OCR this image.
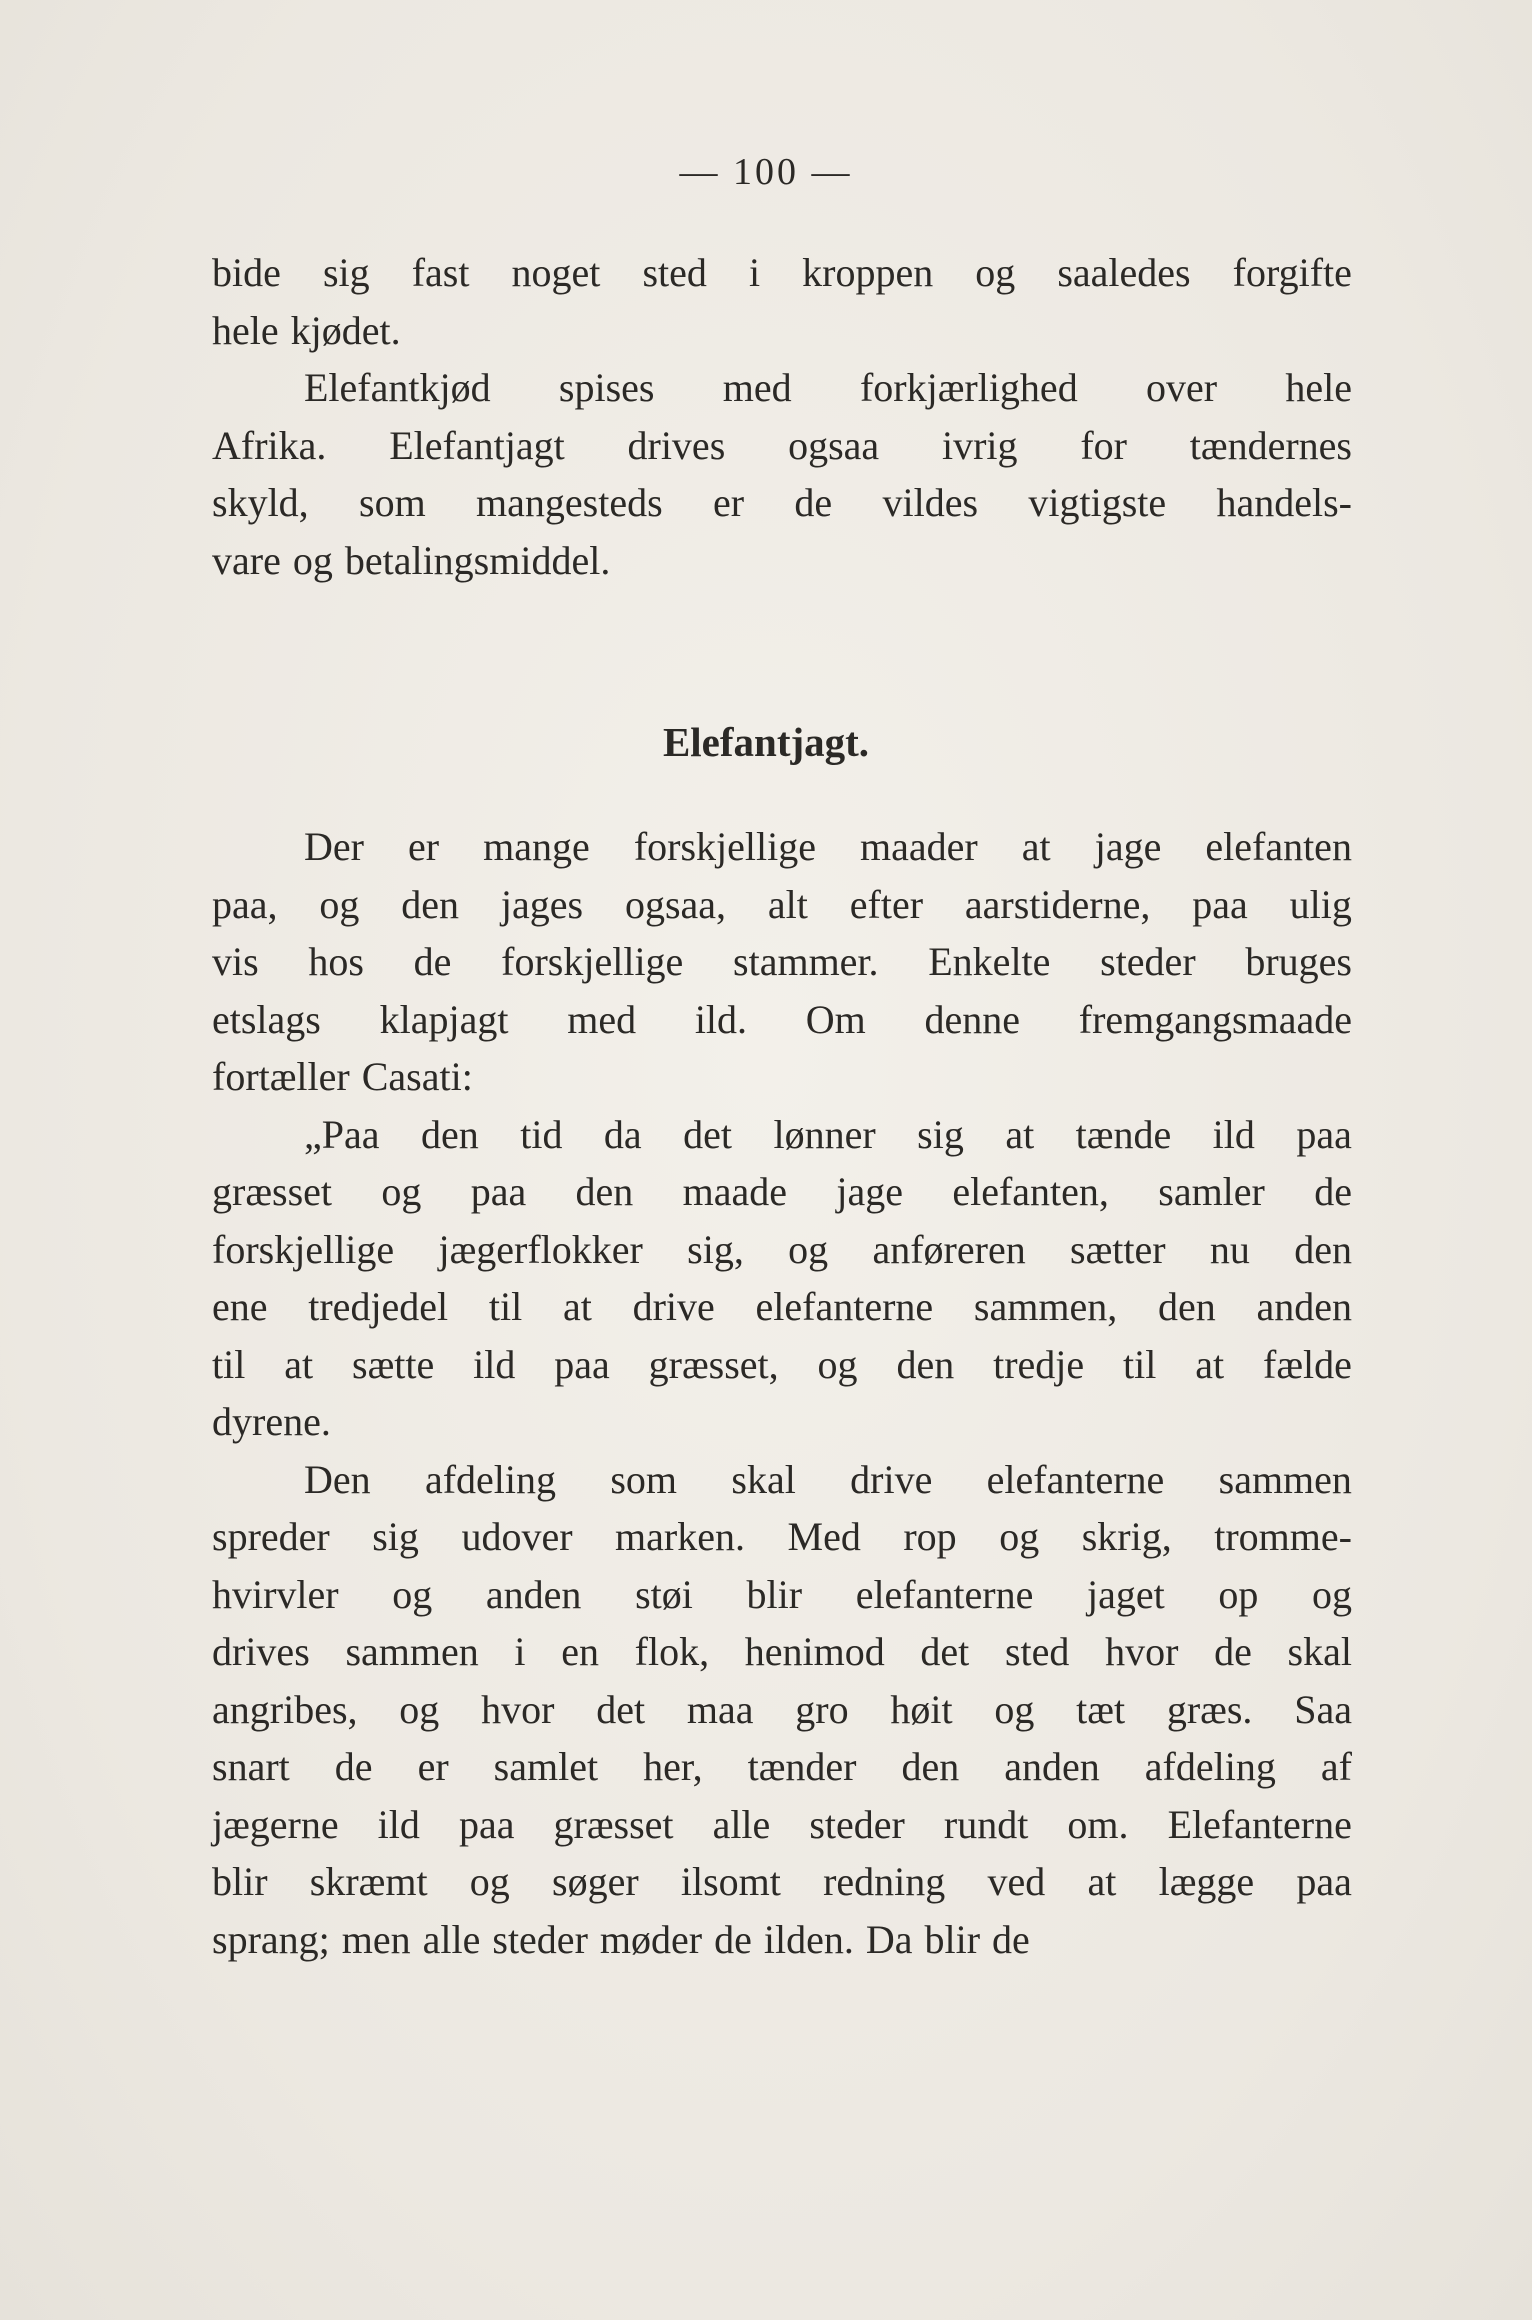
— 100 —
bide sig fast noget sted i kroppen og saaledes forgifte
hele kjødet.
Elefantkjød spises med forkjærlighed over hele
Afrika. Elefantjagt drives ogsaa ivrig for tændernes
skyld, som mangesteds er de vildes vigtigste handels-
vare og betalingsmiddel.
Elefantjagt.
Der er mange forskjellige maader at jage elefanten
paa, og den jages ogsaa, alt efter aarstiderne, paa ulig
vis hos de forskjellige stammer. Enkelte steder bruges
etslags klapjagt med ild. Om denne fremgangsmaade
fortæller Casati:
„Paa den tid da det lønner sig at tænde ild paa
græsset og paa den maade jage elefanten, samler de
forskjellige jægerflokker sig, og anføreren sætter nu den
ene tredjedel til at drive elefanterne sammen, den anden
til at sætte ild paa græsset, og den tredje til at fælde
dyrene.
Den afdeling som skal drive elefanterne sammen
spreder sig udover marken. Med rop og skrig, tromme-
hvirvler og anden støi blir elefanterne jaget op og
drives sammen i en flok, henimod det sted hvor de skal
angribes, og hvor det maa gro høit og tæt græs. Saa
snart de er samlet her, tænder den anden afdeling af
jægerne ild paa græsset alle steder rundt om. Elefanterne
blir skræmt og søger ilsomt redning ved at lægge paa
sprang; men alle steder møder de ilden. Da blir de
